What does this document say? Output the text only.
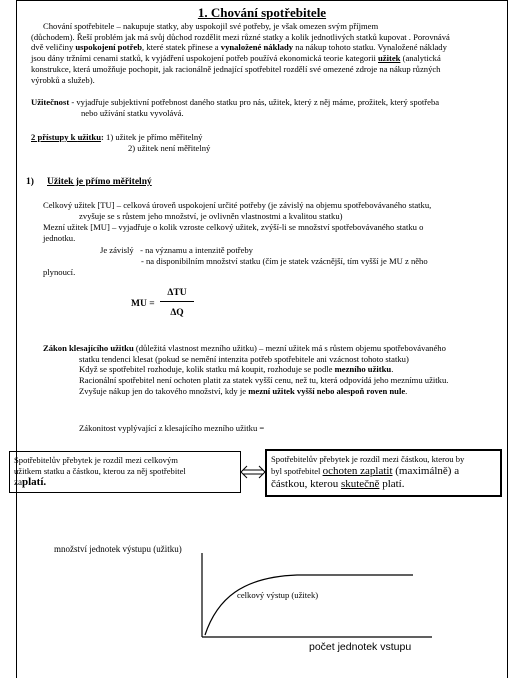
1. Chování spotřebitele
Chování spotřebitele – nakupuje statky, aby uspokojil své potřeby, je však omezen svým příjmem
(důchodem). Řeší problém jak má svůj důchod rozdělit mezi různé statky a kolik jednotlivých statků kupovat . Porovnává
dvě veličiny uspokojení potřeb, které statek přinese a vynaložené náklady na nákup tohoto statku. Vynaložené náklady
jsou dány tržními cenami statků, k vyjádření uspokojení potřeb používá ekonomická teorie kategorii užitek (analytická
konstrukce, která umožňuje pochopit, jak racionálně jednající spotřebitel rozdělí své omezené zdroje na nákup různých
výrobků a služeb).
Užitečnost - vyjadřuje subjektivní potřebnost daného statku pro nás, užitek, který z něj máme, prožitek, který spotřeba
nebo užívání statku vyvolává.
2 přístupy k užitku: 1) užitek je přímo měřitelný
2) užitek není měřitelný
1) Užitek je přímo měřitelný
Celkový užitek [TU] – celková úroveň uspokojení určité potřeby (je závislý na objemu spotřebovávaného statku,
zvyšuje se s růstem jeho množství, je ovlivněn vlastnostmi a kvalitou statku)
Mezní užitek [MU] – vyjadřuje o kolik vzroste celkový užitek, zvýší-li se množství spotřebovávaného statku o
jednotku.
Je závislý - na významu a intenzitě potřeby
- na disponibilním množství statku (čím je statek vzácnější, tím vyšší je MU z něho
plynoucí.
MU =
ΔTU
ΔQ
Zákon klesajícího užitku (důležitá vlastnost mezního užitku) – mezní užitek má s růstem objemu spotřebovávaného
statku tendenci klesat (pokud se nemění intenzita potřeb spotřebitele ani vzácnost tohoto statku)
Když se spotřebitel rozhoduje, kolik statku má koupit, rozhoduje se podle mezního užitku.
Racionální spotřebitel není ochoten platit za statek vyšší cenu, než tu, která odpovídá jeho meznímu užitku.
Zvyšuje nákup jen do takového množství, kdy je mezní užitek vyšší nebo alespoň roven nule.
Zákonitost vyplývající z klesajícího mezního užitku =
Spotřebitelův přebytek je rozdíl mezi celkovým
užitkem statku a částkou, kterou za něj spotřebitel
zaplatí.
Spotřebitelův přebytek je rozdíl mezi částkou, kterou by
byl spotřebitel ochoten zaplatit (maximálně) a
částkou, kterou skutečně platí.
množství jednotek výstupu (užitku)
celkový výstup (užitek)
počet jednotek vstupu
